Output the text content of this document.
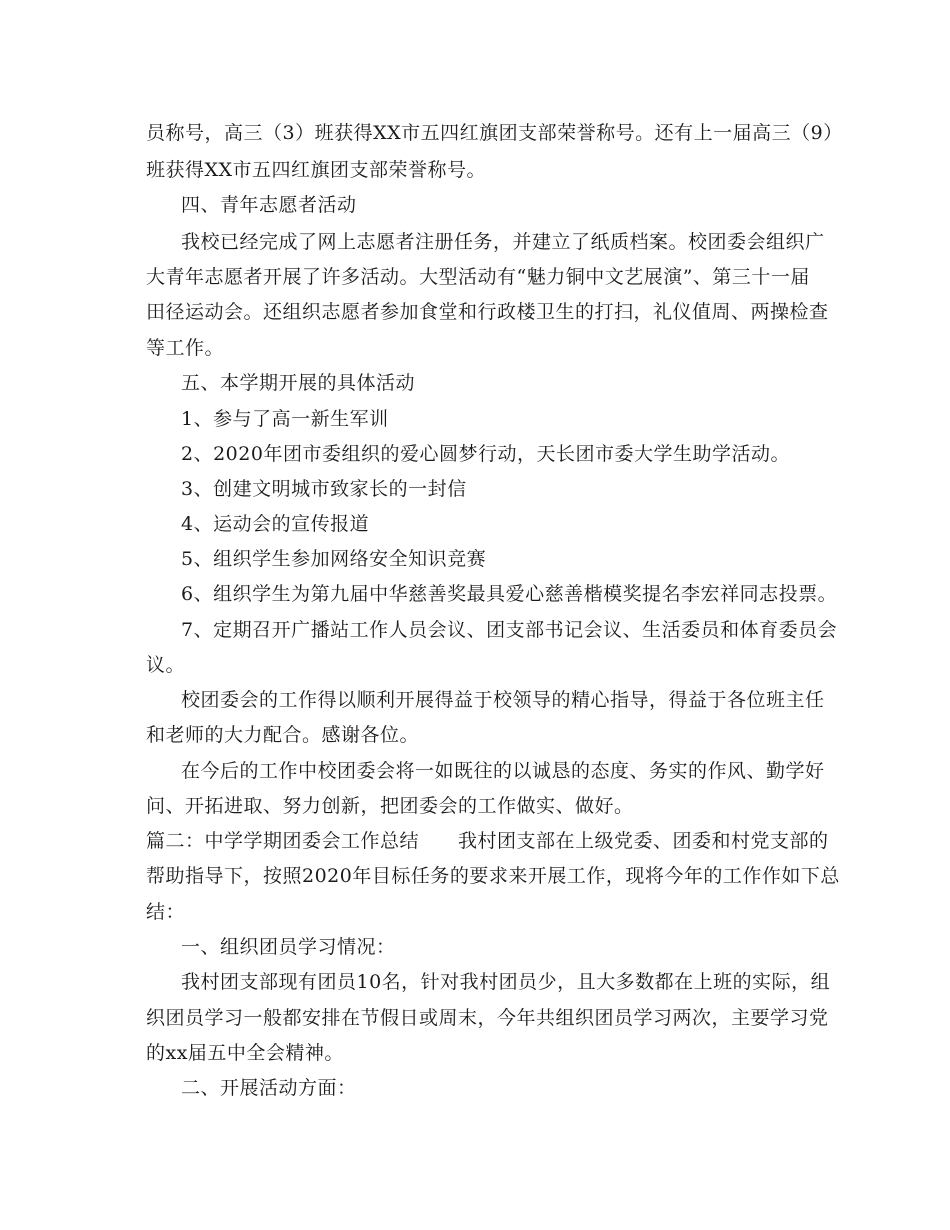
员称号，高三（3）班获得XX市五四红旗团支部荣誉称号。还有上一届高三（9）
班获得XX市五四红旗团支部荣誉称号。
四、青年志愿者活动
我校已经完成了网上志愿者注册任务，并建立了纸质档案。校团委会组织广
大青年志愿者开展了许多活动。大型活动有“魅力铜中文艺展演”、第三十一届
田径运动会。还组织志愿者参加食堂和行政楼卫生的打扫，礼仪值周、两操检查
等工作。
五、本学期开展的具体活动
1、参与了高一新生军训
2、2020年团市委组织的爱心圆梦行动，天长团市委大学生助学活动。
3、创建文明城市致家长的一封信
4、运动会的宣传报道
5、组织学生参加网络安全知识竞赛
6、组织学生为第九届中华慈善奖最具爱心慈善楷模奖提名李宏祥同志投票。
7、定期召开广播站工作人员会议、团支部书记会议、生活委员和体育委员会
议。
校团委会的工作得以顺利开展得益于校领导的精心指导，得益于各位班主任
和老师的大力配合。感谢各位。
在今后的工作中校团委会将一如既往的以诚恳的态度、务实的作风、勤学好
问、开拓进取、努力创新，把团委会的工作做实、做好。
篇二：中学学期团委会工作总结　　我村团支部在上级党委、团委和村党支部的
帮助指导下，按照2020年目标任务的要求来开展工作，现将今年的工作作如下总
结：
一、组织团员学习情况：
我村团支部现有团员10名，针对我村团员少，且大多数都在上班的实际，组
织团员学习一般都安排在节假日或周末，今年共组织团员学习两次，主要学习党
的xx届五中全会精神。
二、开展活动方面：
